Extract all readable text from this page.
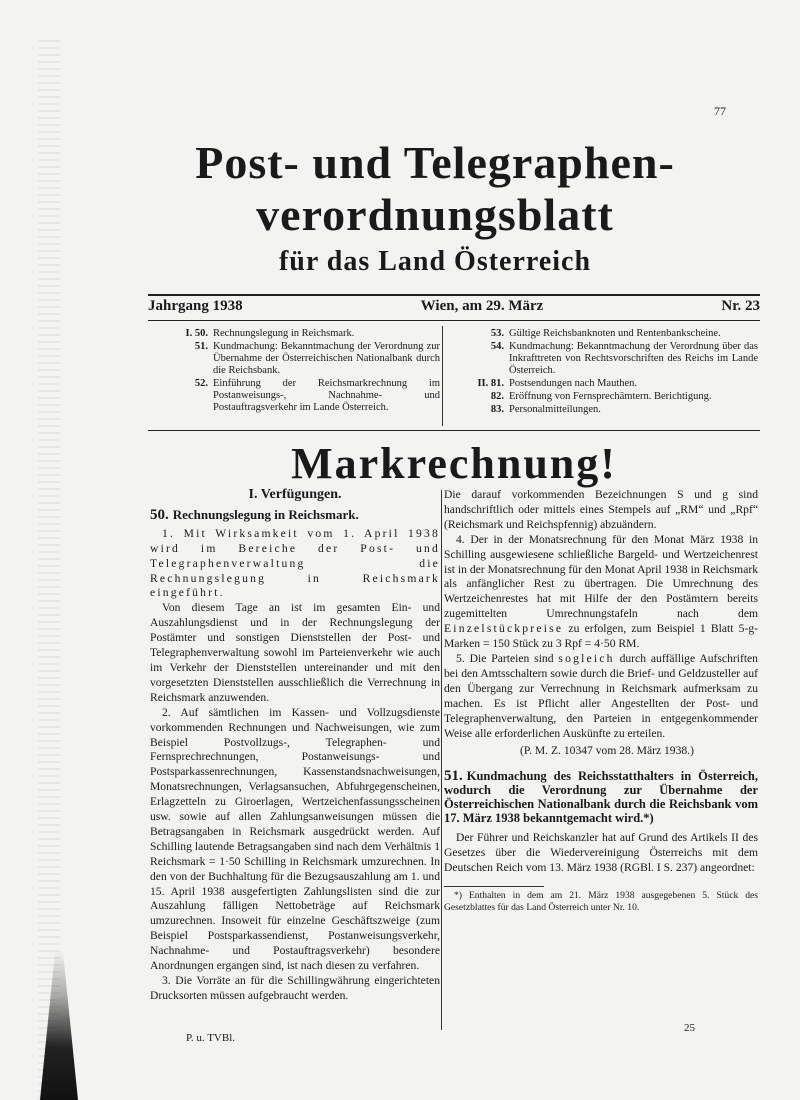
77
Post- und Telegraphen-
verordnungsblatt
für das Land Österreich
Jahrgang 1938	Wien, am 29. März	Nr. 23
I. 50. Rechnungslegung in Reichsmark.
51. Kundmachung: Bekanntmachung der Verordnung zur Übernahme der Österreichischen Nationalbank durch die Reichsbank.
52. Einführung der Reichsmarkrechnung im Postanweisungs-, Nachnahme- und Postauftragsverkehr im Lande Österreich.
53. Gültige Reichsbanknoten und Rentenbankscheine.
54. Kundmachung: Bekanntmachung der Verordnung über das Inkrafttreten von Rechtsvorschriften des Reichs im Lande Österreich.
II. 81. Postsendungen nach Mauthen.
82. Eröffnung von Fernsprechämtern. Berichtigung.
83. Personalmitteilungen.
Markrechnung!
I. Verfügungen.
50. Rechnungslegung in Reichsmark.

1. Mit Wirksamkeit vom 1. April 1938 wird im Bereiche der Post- und Telegraphenverwaltung die Rechnungslegung in Reichsmark eingeführt.

Von diesem Tage an ist im gesamten Ein- und Auszahlungsdienst und in der Rechnungslegung der Postämter und sonstigen Dienststellen der Post- und Telegraphenverwaltung sowohl im Parteienverkehr wie auch im Verkehr der Dienststellen untereinander und mit den vorgesetzten Dienststellen ausschließlich die Verrechnung in Reichsmark anzuwenden.

2. Auf sämtlichen im Kassen- und Vollzugsdienste vorkommenden Rechnungen und Nachweisungen, wie zum Beispiel Postvollzugs-, Telegraphen- und Fernsprechrechnungen, Postanweisungs- und Postsparkassenrechnungen, Kassenstandsnachweisungen, Monatsrechnungen, Verlagsansuchen, Abfuhrgegenscheinen, Erlagzetteln zu Giroerlagen, Wertzeichenfassungsscheinen usw. sowie auf allen Zahlungsanweisungen müssen die Betragsangaben in Reichsmark ausgedrückt werden. Auf Schilling lautende Betragsangaben sind nach dem Verhältnis 1 Reichsmark = 1·50 Schilling in Reichsmark umzurechnen. In den von der Buchhaltung für die Bezugsauszahlung am 1. und 15. April 1938 ausgefertigten Zahlungslisten sind die zur Auszahlung fälligen Nettobeträge auf Reichsmark umzurechnen. Insoweit für einzelne Geschäftszweige (zum Beispiel Postsparkassendienst, Postanweisungsverkehr, Nachnahme- und Postauftragsverkehr) besondere Anordnungen ergangen sind, ist nach diesen zu verfahren.

3. Die Vorräte an für die Schillingwährung eingerichteten Drucksorten müssen aufgebraucht werden.

Die darauf vorkommenden Bezeichnungen S und g sind handschriftlich oder mittels eines Stempels auf „RM“ und „Rpf“ (Reichsmark und Reichspfennig) abzuändern.

4. Der in der Monatsrechnung für den Monat März 1938 in Schilling ausgewiesene schließliche Bargeld- und Wertzeichenrest ist in der Monatsrechnung für den Monat April 1938 in Reichsmark als anfänglicher Rest zu übertragen. Die Umrechnung des Wertzeichenrestes hat mit Hilfe der den Postämtern bereits zugemittelten Umrechnungstafeln nach dem Einzelstückpreise zu erfolgen, zum Beispiel 1 Blatt 5-g-Marken = 150 Stück zu 3 Rpf = 4·50 RM.

5. Die Parteien sind sogleich durch auffällige Aufschriften bei den Amtsschaltern sowie durch die Brief- und Geldzusteller auf den Übergang zur Verrechnung in Reichsmark aufmerksam zu machen. Es ist Pflicht aller Angestellten der Post- und Telegraphenverwaltung, den Parteien in entgegenkommender Weise alle erforderlichen Auskünfte zu erteilen.

(P. M. Z. 10347 vom 28. März 1938.)

51. Kundmachung des Reichsstatthalters in Österreich, wodurch die Verordnung zur Übernahme der Österreichischen Nationalbank durch die Reichsbank vom 17. März 1938 bekanntgemacht wird.*)

Der Führer und Reichskanzler hat auf Grund des Artikels II des Gesetzes über die Wiedervereinigung Österreichs mit dem Deutschen Reich vom 13. März 1938 (RGBl. I S. 237) angeordnet:

*) Enthalten in dem am 21. März 1938 ausgegebenen 5. Stück des Gesetzblattes für das Land Österreich unter Nr. 10.

P. u. TVBl.
25
